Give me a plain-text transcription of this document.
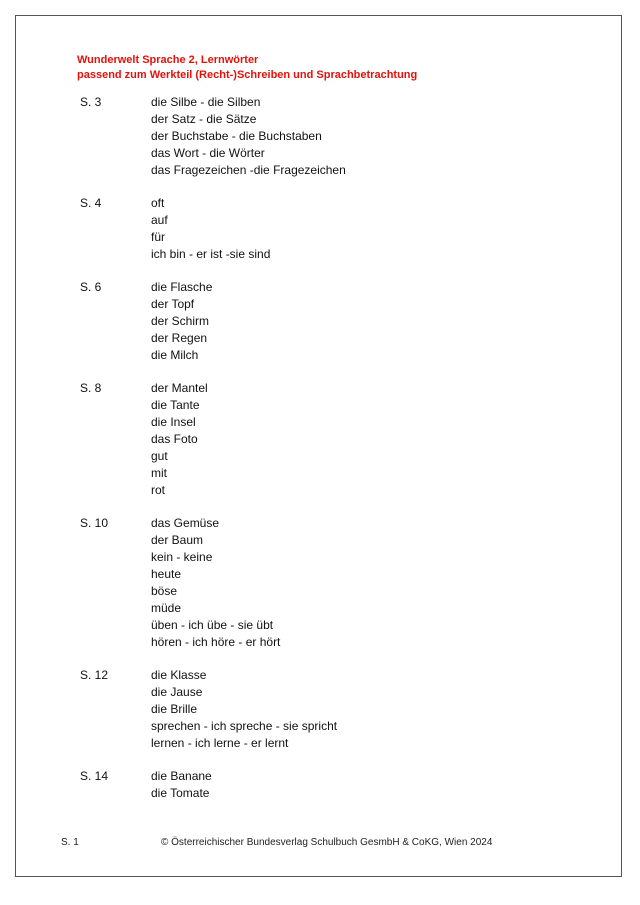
Wunderwelt Sprache 2, Lernwörter
passend zum Werkteil (Recht-)Schreiben und Sprachbetrachtung
S. 3	die Silbe - die Silben
der Satz - die Sätze
der Buchstabe - die Buchstaben
das Wort - die Wörter
das Fragezeichen -die Fragezeichen
S. 4	oft
auf
für
ich bin - er ist -sie sind
S. 6	die Flasche
der Topf
der Schirm
der Regen
die Milch
S. 8	der Mantel
die Tante
die Insel
das Foto
gut
mit
rot
S. 10	das Gemüse
der Baum
kein - keine
heute
böse
müde
üben - ich übe - sie übt
hören - ich höre - er hört
S. 12	die Klasse
die Jause
die Brille
sprechen - ich spreche - sie spricht
lernen - ich lerne - er lernt
S. 14	die Banane
die Tomate
S. 1	© Österreichischer Bundesverlag Schulbuch GesmbH & CoKG, Wien 2024
